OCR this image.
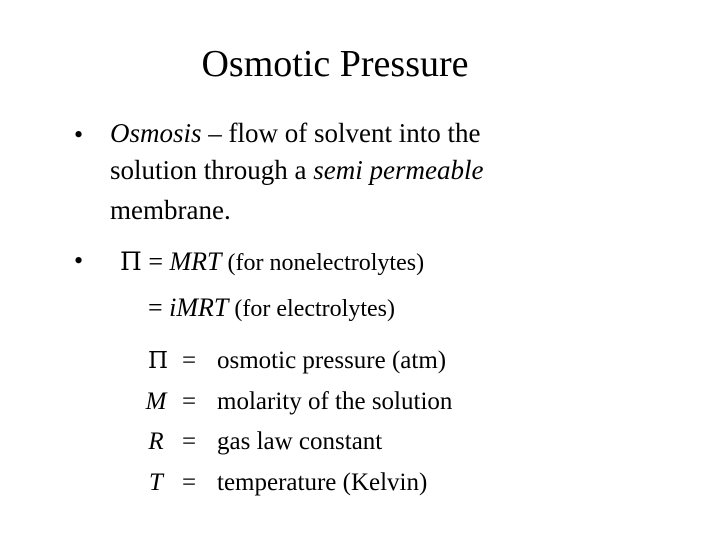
Osmotic Pressure
• Osmosis – flow of solvent into the
solution through a semi permeable
membrane.
• Π = MRT (for nonelectrolytes)
= iMRT (for electrolytes)
Π = osmotic pressure (atm)
M = molarity of the solution
R = gas law constant
T = temperature (Kelvin)
